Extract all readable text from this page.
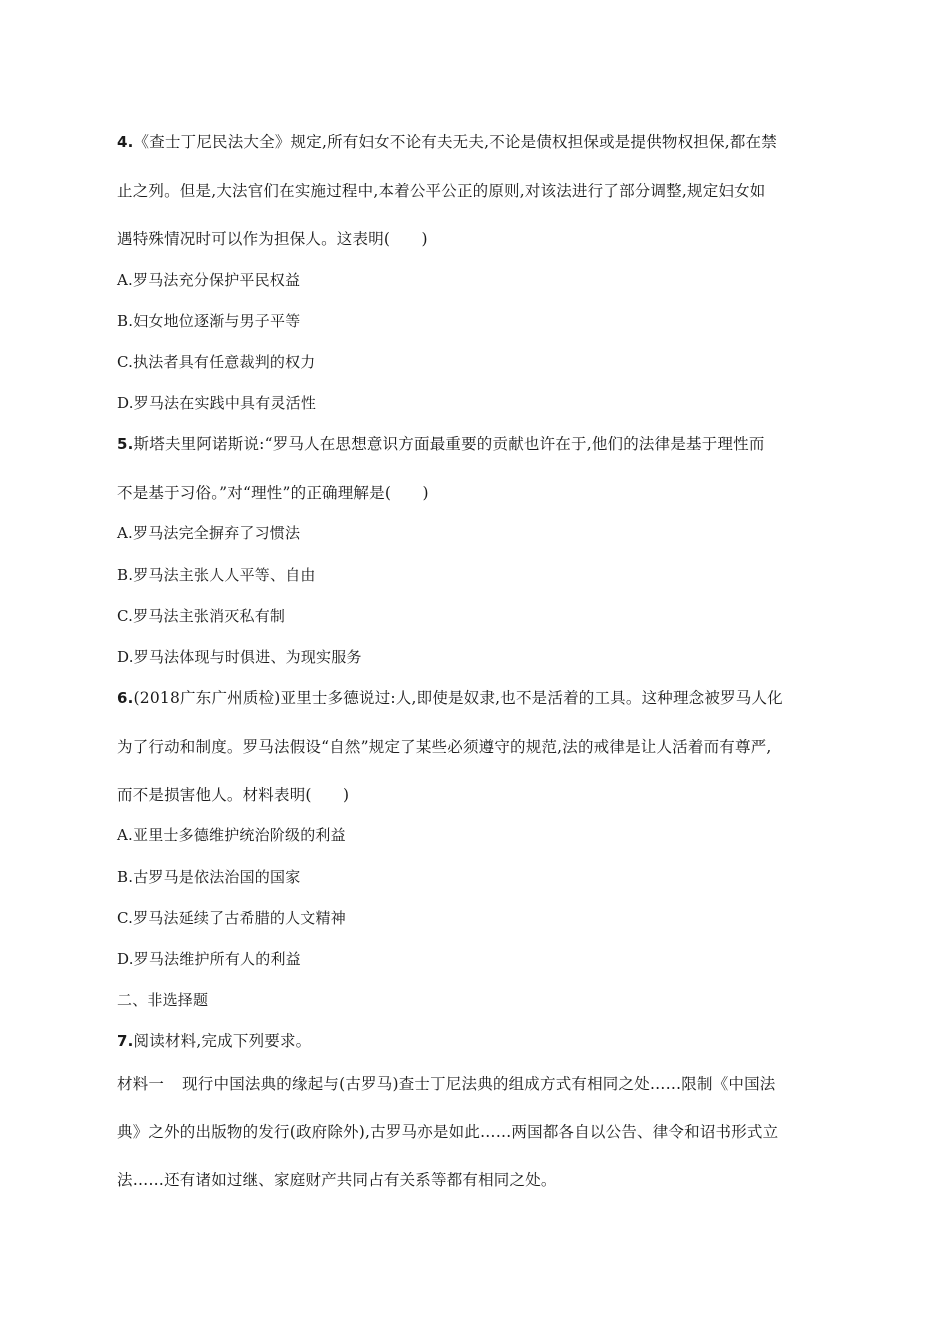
4.《查士丁尼民法大全》规定,所有妇女不论有夫无夫,不论是债权担保或是提供物权担保,都在禁
止之列。但是,大法官们在实施过程中,本着公平公正的原则,对该法进行了部分调整,规定妇女如
遇特殊情况时可以作为担保人。这表明(　　)
A.罗马法充分保护平民权益
B.妇女地位逐渐与男子平等
C.执法者具有任意裁判的权力
D.罗马法在实践中具有灵活性
5.斯塔夫里阿诺斯说:“罗马人在思想意识方面最重要的贡献也许在于,他们的法律是基于理性而
不是基于习俗。”对“理性”的正确理解是(　　)
A.罗马法完全摒弃了习惯法
B.罗马法主张人人平等、自由
C.罗马法主张消灭私有制
D.罗马法体现与时俱进、为现实服务
6.(2018广东广州质检)亚里士多德说过:人,即使是奴隶,也不是活着的工具。这种理念被罗马人化
为了行动和制度。罗马法假设“自然”规定了某些必须遵守的规范,法的戒律是让人活着而有尊严,
而不是损害他人。材料表明(　　)
A.亚里士多德维护统治阶级的利益
B.古罗马是依法治国的国家
C.罗马法延续了古希腊的人文精神
D.罗马法维护所有人的利益
二、非选择题
7.阅读材料,完成下列要求。
材料一 现行中国法典的缘起与(古罗马)查士丁尼法典的组成方式有相同之处……限制《中国法
典》之外的出版物的发行(政府除外),古罗马亦是如此……两国都各自以公告、律令和诏书形式立
法……还有诸如过继、家庭财产共同占有关系等都有相同之处。
